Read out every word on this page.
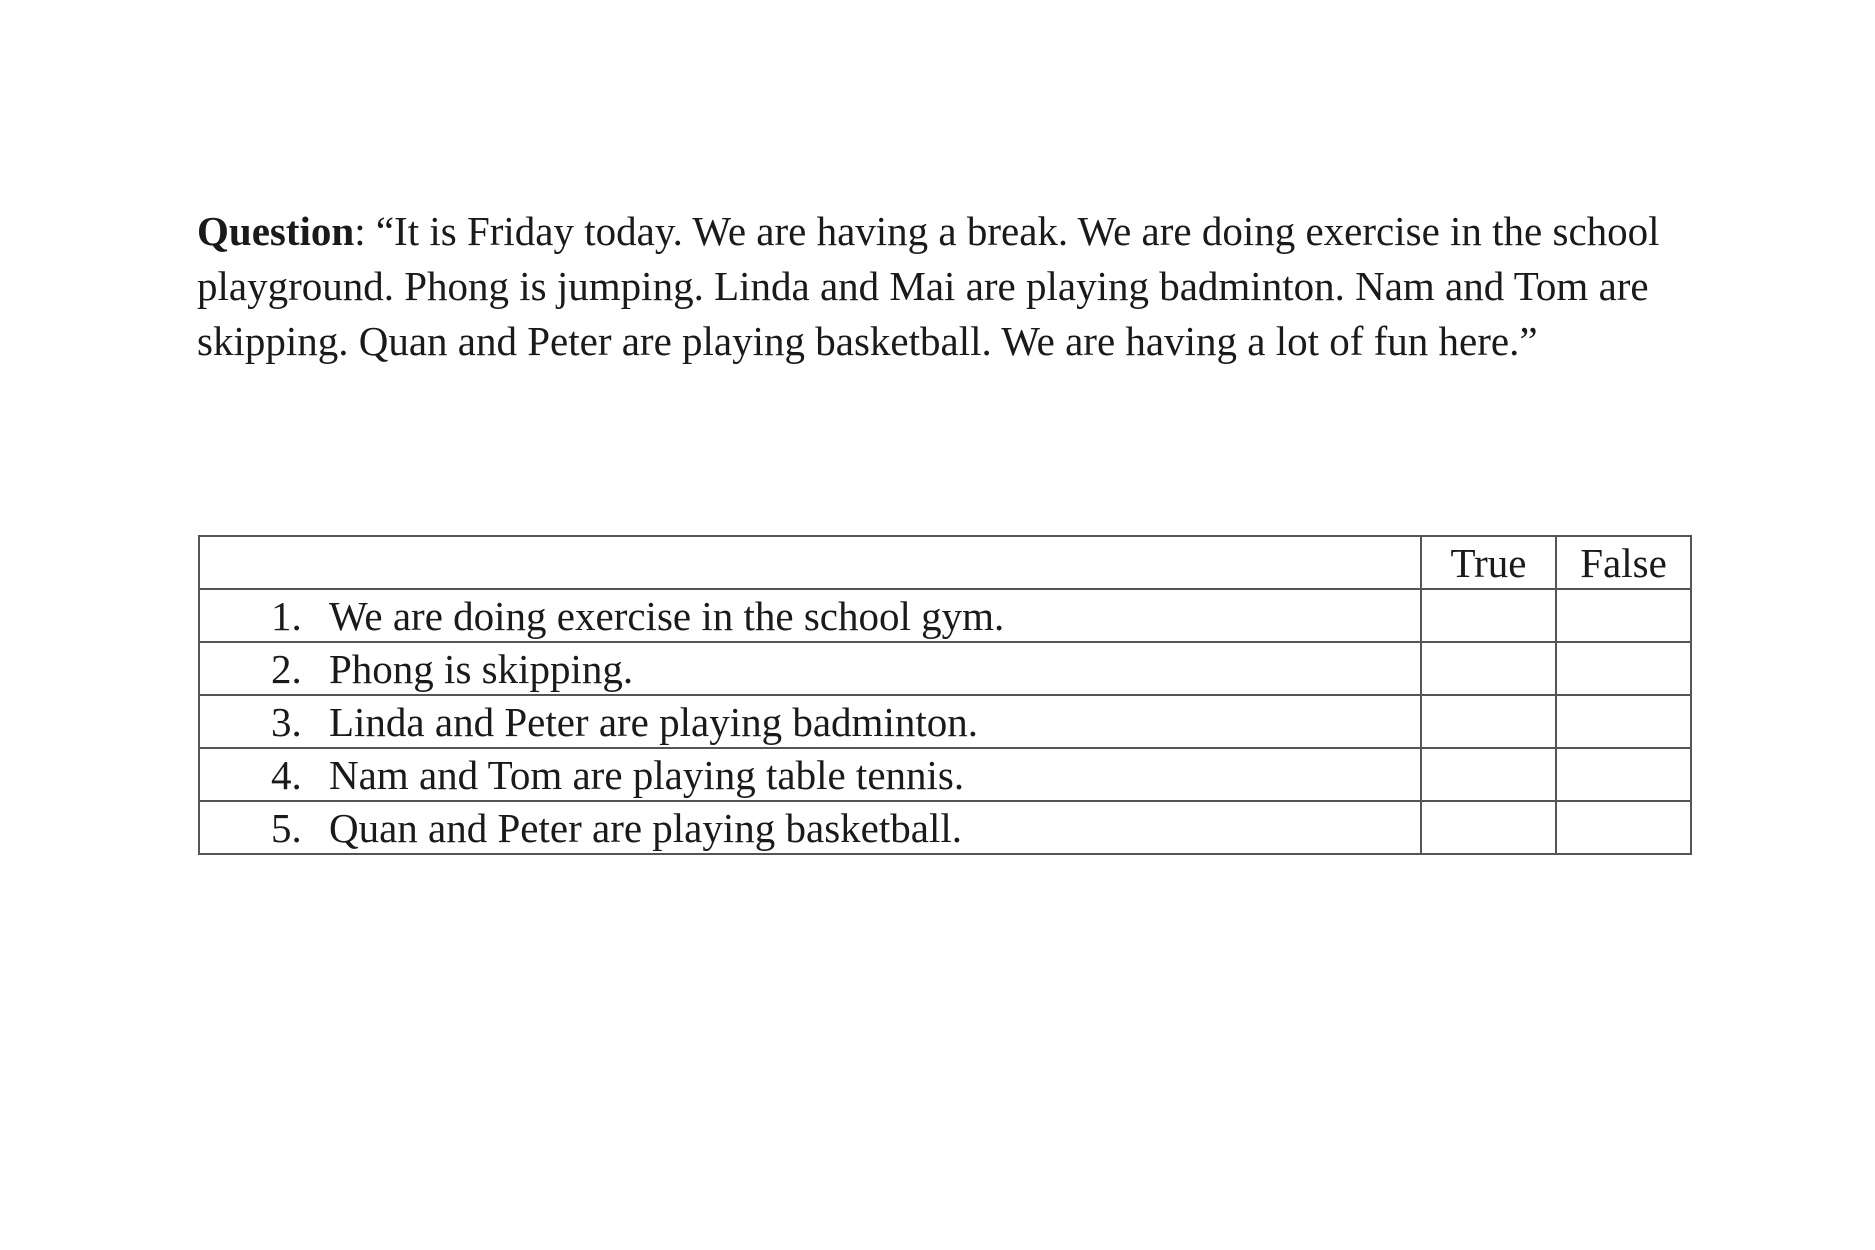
Question: “It is Friday today. We are having a break. We are doing exercise in the school playground. Phong is jumping. Linda and Mai are playing badminton. Nam and Tom are skipping. Quan and Peter are playing basketball. We are having a lot of fun here.”

	True	False
1. We are doing exercise in the school gym.		
2. Phong is skipping.		
3. Linda and Peter are playing badminton.		
4. Nam and Tom are playing table tennis.		
5. Quan and Peter are playing basketball.		
